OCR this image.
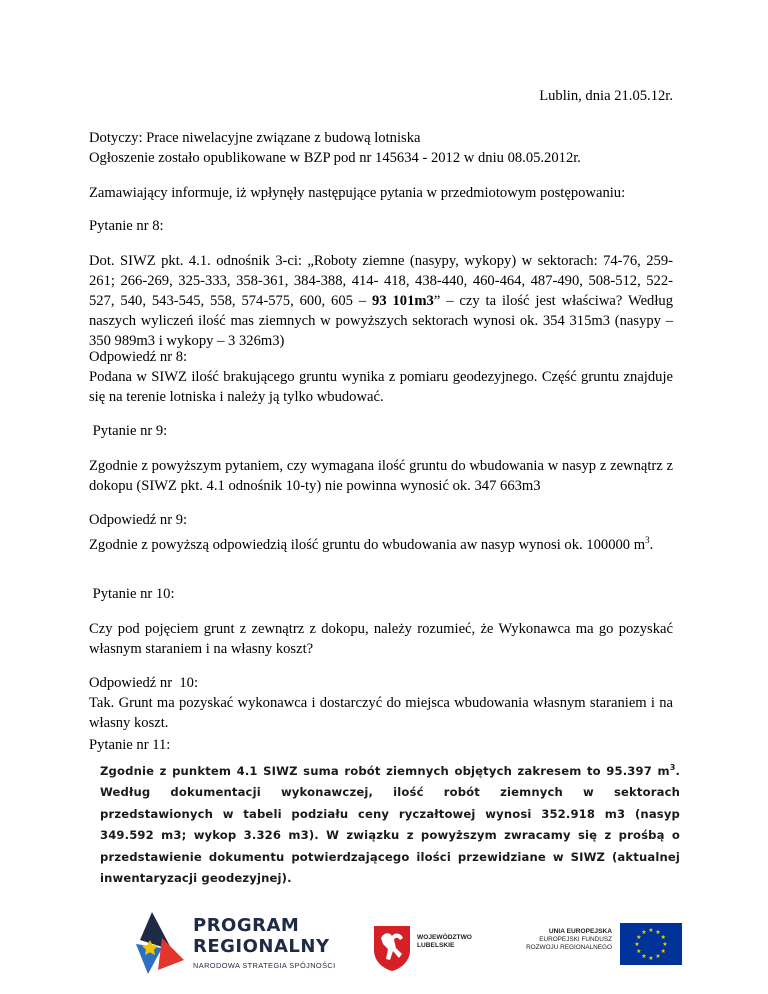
Lublin, dnia 21.05.12r.

Dotyczy: Prace niwelacyjne związane z budową lotniska
Ogłoszenie zostało opublikowane w BZP pod nr 145634 - 2012 w dniu 08.05.2012r.

Zamawiający informuje, iż wpłynęły następujące pytania w przedmiotowym postępowaniu:

Pytanie nr 8:

Dot. SIWZ pkt. 4.1. odnośnik 3-ci: „Roboty ziemne (nasypy, wykopy) w sektorach: 74-76, 259-261; 266-269, 325-333, 358-361, 384-388, 414- 418, 438-440, 460-464, 487-490, 508-512, 522-527, 540, 543-545, 558, 574-575, 600, 605 – 93 101m3” – czy ta ilość jest właściwa? Według naszych wyliczeń ilość mas ziemnych w powyższych sektorach wynosi ok. 354 315m3 (nasypy – 350 989m3 i wykopy – 3 326m3)

Odpowiedź nr 8:

Podana w SIWZ ilość brakującego gruntu wynika z pomiaru geodezyjnego. Część gruntu znajduje się na terenie lotniska i należy ją tylko wbudować.

Pytanie nr 9:

Zgodnie z powyższym pytaniem, czy wymagana ilość gruntu do wbudowania w nasyp z zewnątrz z dokopu (SIWZ pkt. 4.1 odnośnik 10-ty) nie powinna wynosić ok. 347 663m3

Odpowiedź nr 9:

Zgodnie z powyższą odpowiedzią ilość gruntu do wbudowania aw nasyp wynosi ok. 100000 $m^3$.

Pytanie nr 10:

Czy pod pojęciem grunt z zewnątrz z dokopu, należy rozumieć, że Wykonawca ma go pozyskać własnym staraniem i na własny koszt?

Odpowiedź nr  10:

Tak. Grunt ma pozyskać wykonawca i dostarczyć do miejsca wbudowania własnym staraniem i na własny koszt.

Pytanie nr 11:

Zgodnie z punktem 4.1 SIWZ suma robót ziemnych objętych zakresem to 95.397 $m^3$. Według dokumentacji wykonawczej, ilość robót ziemnych w sektorach przedstawionych w tabeli podziału ceny ryczałtowej wynosi 352.918 m3 (nasyp 349.592 m3; wykop 3.326 m3). W związku z powyższym zwracamy się z prośbą o przedstawienie dokumentu potwierdzającego ilości przewidziane w SIWZ (aktualnej inwentaryzacji geodezyjnej).
PROGRAM
REGIONALNY
NARODOWA STRATEGIA SPÓJNOŚCI
WOJEWÓDZTWO
LUBELSKIE
UNIA EUROPEJSKA
EUROPEJSKI FUNDUSZ
ROZWOJU REGIONALNEGO
★ ★
★
★
★
★
★
★
★
★
★
★
